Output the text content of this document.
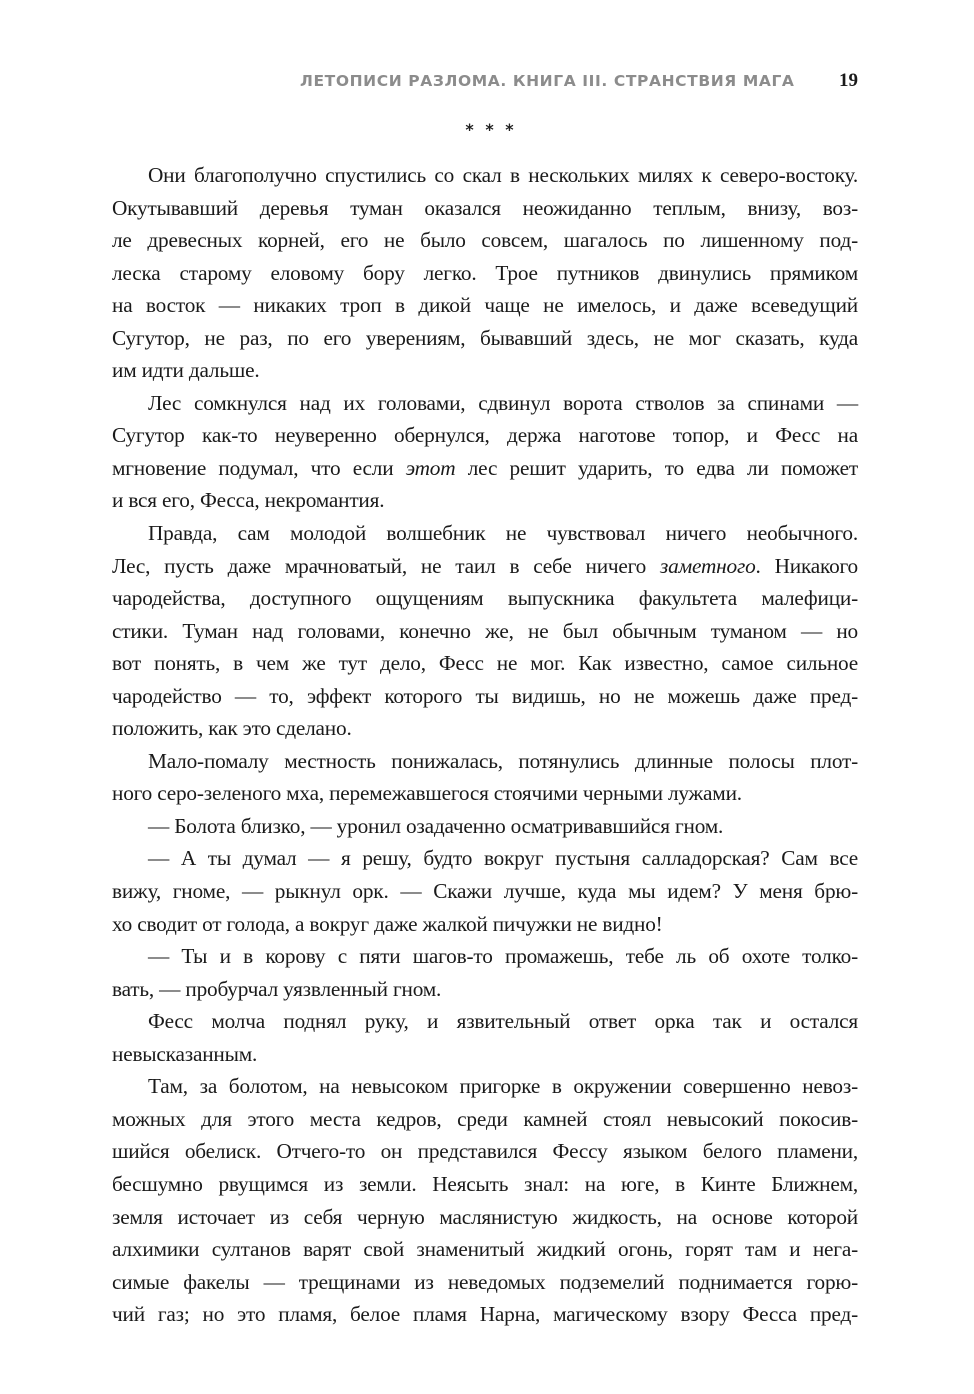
ЛЕТОПИСИ РАЗЛОМА. КНИГА III. СТРАНСТВИЯ МАГА 19
* * *
Они благополучно спустились со скал в нескольких милях к северо-востоку.
Окутывавший деревья туман оказался неожиданно теплым, внизу, воз-
ле древесных корней, его не было совсем, шагалось по лишенному под-
леска старому еловому бору легко. Трое путников двинулись прямиком
на восток — никаких троп в дикой чаще не имелось, и даже всеведущий
Сугутор, не раз, по его уверениям, бывавший здесь, не мог сказать, куда
им идти дальше.
Лес сомкнулся над их головами, сдвинул ворота стволов за спинами —
Сугутор как-то неуверенно обернулся, держа наготове топор, и Фесс на
мгновение подумал, что если этот лес решит ударить, то едва ли поможет
и вся его, Фесса, некромантия.
Правда, сам молодой волшебник не чувствовал ничего необычного.
Лес, пусть даже мрачноватый, не таил в себе ничего заметного. Никакого
чародейства, доступного ощущениям выпускника факультета малефици-
стики. Туман над головами, конечно же, не был обычным туманом — но
вот понять, в чем же тут дело, Фесс не мог. Как известно, самое сильное
чародейство — то, эффект которого ты видишь, но не можешь даже пред-
положить, как это сделано.
Мало-помалу местность понижалась, потянулись длинные полосы плот-
ного серо-зеленого мха, перемежавшегося стоячими черными лужами.
— Болота близко, — уронил озадаченно осматривавшийся гном.
— А ты думал — я решу, будто вокруг пустыня салладорская? Сам все
вижу, гноме, — рыкнул орк. — Скажи лучше, куда мы идем? У меня брю-
хо сводит от голода, а вокруг даже жалкой пичужки не видно!
— Ты и в корову с пяти шагов-то промажешь, тебе ль об охоте толко-
вать, — пробурчал уязвленный гном.
Фесс молча поднял руку, и язвительный ответ орка так и остался
невысказанным.
Там, за болотом, на невысоком пригорке в окружении совершенно невоз-
можных для этого места кедров, среди камней стоял невысокий покосив-
шийся обелиск. Отчего-то он представился Фессу языком белого пламени,
бесшумно рвущимся из земли. Неясыть знал: на юге, в Кинте Ближнем,
земля источает из себя черную маслянистую жидкость, на основе которой
алхимики султанов варят свой знаменитый жидкий огонь, горят там и нега-
симые факелы — трещинами из неведомых подземелий поднимается горю-
чий газ; но это пламя, белое пламя Нарна, магическому взору Фесса пред-
